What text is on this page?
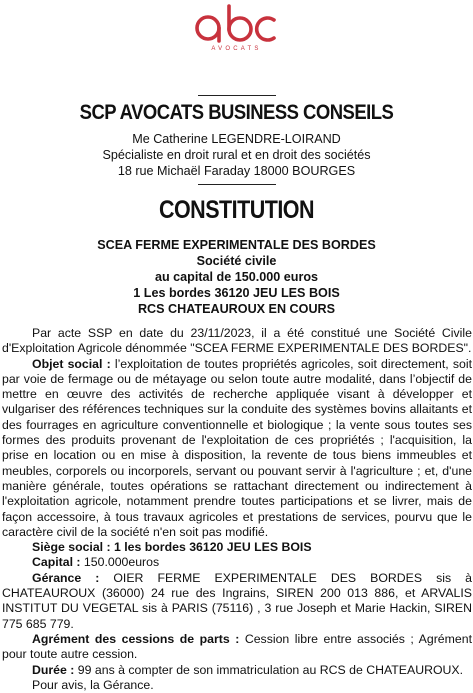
AVOCATS
SCP AVOCATS BUSINESS CONSEILS
Me Catherine LEGENDRE-LOIRAND
Spécialiste en droit rural et en droit des sociétés
18 rue Michaël Faraday 18000 BOURGES
CONSTITUTION
SCEA FERME EXPERIMENTALE DES BORDES
Société civile
au capital de 150.000 euros
1 Les bordes 36120 JEU LES BOIS
RCS CHATEAUROUX EN COURS

Par acte SSP en date du 23/11/2023, il a été constitué une Société Civile d'Exploitation Agricole dénommée "SCEA FERME EXPERIMENTALE DES BORDES".

Objet social : l’exploitation de toutes propriétés agricoles, soit directement, soit par voie de fermage ou de métayage ou selon toute autre modalité, dans l’objectif de mettre en œuvre des activités de recherche appliquée visant à développer et vulgariser des références techniques sur la conduite des systèmes bovins allaitants et des fourrages en agriculture conventionnelle et biologique ; la vente sous toutes ses formes des produits provenant de l'exploitation de ces propriétés ; l'acquisition, la prise en location ou en mise à disposition, la revente de tous biens immeubles et meubles, corporels ou incorporels, servant ou pouvant servir à l'agriculture ; et, d'une manière générale, toutes opérations se rattachant directement ou indirectement à l'exploitation agricole, notamment prendre toutes participations et se livrer, mais de façon accessoire, à tous travaux agricoles et prestations de services, pourvu que le caractère civil de la société n'en soit pas modifié.

Siège social : 1 les bordes 36120 JEU LES BOIS

Capital : 150.000euros

Gérance : OIER FERME EXPERIMENTALE DES BORDES sis à CHATEAUROUX (36000) 24 rue des Ingrains, SIREN 200 013 886, et ARVALIS INSTITUT DU VEGETAL sis à PARIS (75116) , 3 rue Joseph et Marie Hackin, SIREN 775 685 779.

Agrément des cessions de parts : Cession libre entre associés ; Agrément pour toute autre cession.

Durée : 99 ans à compter de son immatriculation au RCS de CHATEAUROUX.

Pour avis, la Gérance.
